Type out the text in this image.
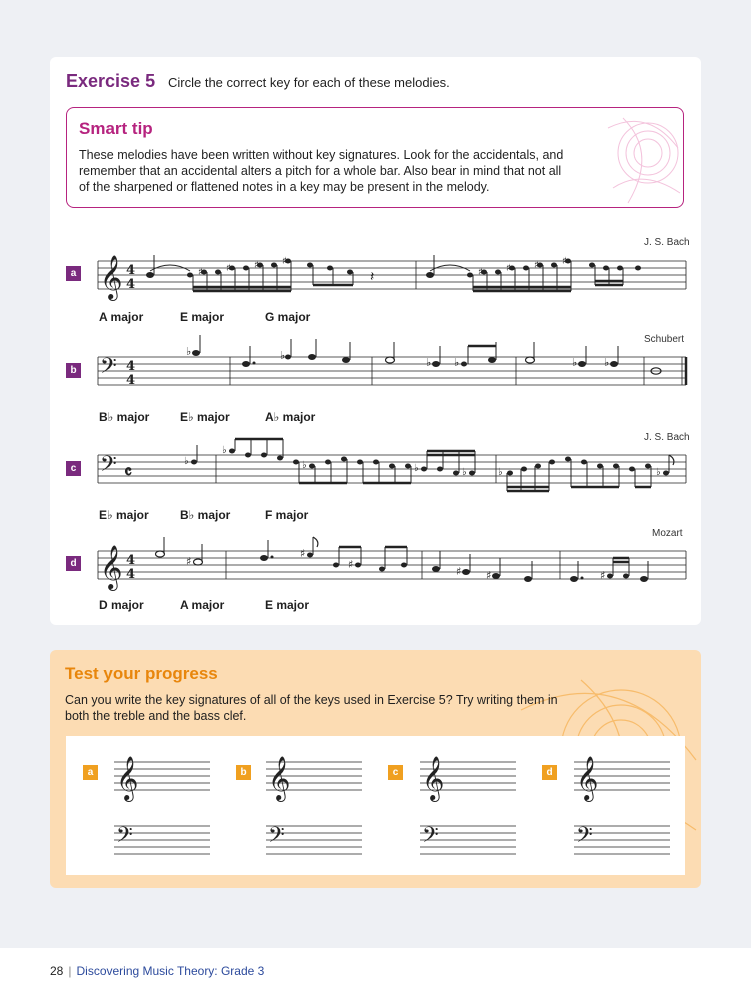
Exercise 5 Circle the correct key for each of these melodies.
Smart tip
These melodies have been written without key signatures. Look for the accidentals, and remember that an accidental alters a pitch for a whole bar. Also bear in mind that not all of the sharpened or flattened notes in a key may be present in the melody.
J. S. Bach
a 𝄞 4
4
𝄽
♯ ♯ ♯ ♯
♯ ♯ ♯ ♯
A major	E major	G major
Schubert
b 𝄢 4
4
♭	♭
♭ ♭	♭ ♭
B♭ major	E♭ major	A♭ major
J. S. Bach
c 𝄢 𝄴
♭
♭
♭	♭	♭	♭	♭
E♭ major	B♭ major	F major
Mozart
d 𝄞 4
4
♯
♯
♯
♯ ♯	♯
D major	A major	E major
Test your progress
Can you write the key signatures of all of the keys used in Exercise 5? Try writing them in both the treble and the bass clef.
a	b	c	d
𝄞
𝄢
𝄞
𝄢
𝄞
𝄢
𝄞
𝄢
28 | Discovering Music Theory: Grade 3
